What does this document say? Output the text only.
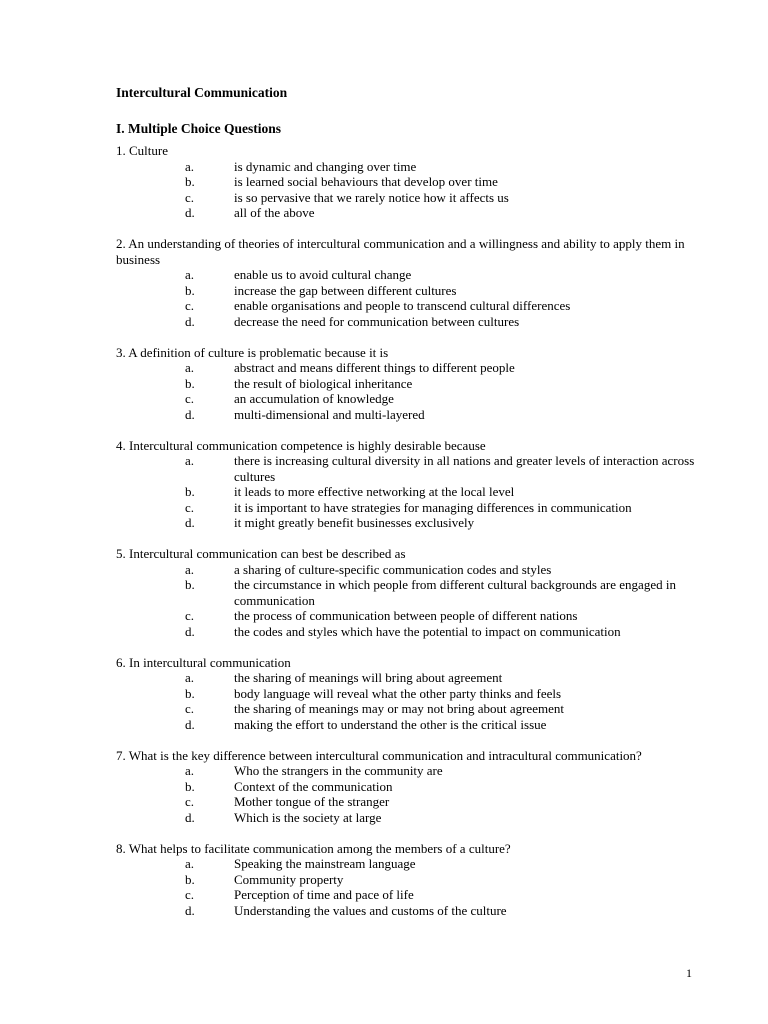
Intercultural Communication
I. Multiple Choice Questions

1. Culture

a.	is dynamic and changing over time
b.	is learned social behaviours that develop over time
c.	is so pervasive that we rarely notice how it affects us
d.	all of the above

2. An understanding of theories of intercultural communication and a willingness and ability to apply them in business

a.	enable us to avoid cultural change
b.	increase the gap between different cultures
c.	enable organisations and people to transcend cultural differences
d.	decrease the need for communication between cultures

3. A definition of culture is problematic because it is

a.	abstract and means different things to different people
b.	the result of biological inheritance
c.	an accumulation of knowledge
d.	multi-dimensional and multi-layered

4. Intercultural communication competence is highly desirable because

a.	there is increasing cultural diversity in all nations and greater levels of interaction across cultures
b.	it leads to more effective networking at the local level
c.	it is important to have strategies for managing differences in communication
d.	it might greatly benefit businesses exclusively

5. Intercultural communication can best be described as

a.	a sharing of culture-specific communication codes and styles
b.	the circumstance in which people from different cultural backgrounds are engaged in communication
c.	the process of communication between people of different nations
d.	the codes and styles which have the potential to impact on communication

6. In intercultural communication

a.	the sharing of meanings will bring about agreement
b.	body language will reveal what the other party thinks and feels
c.	the sharing of meanings may or may not bring about agreement
d.	making the effort to understand the other is the critical issue

7. What is the key difference between intercultural communication and intracultural communication?

a.	Who the strangers in the community are
b.	Context of the communication
c.	Mother tongue of the stranger
d.	Which is the society at large

8. What helps to facilitate communication among the members of a culture?

a.	Speaking the mainstream language
b.	Community property
c.	Perception of time and pace of life
d.	Understanding the values and customs of the culture
1
